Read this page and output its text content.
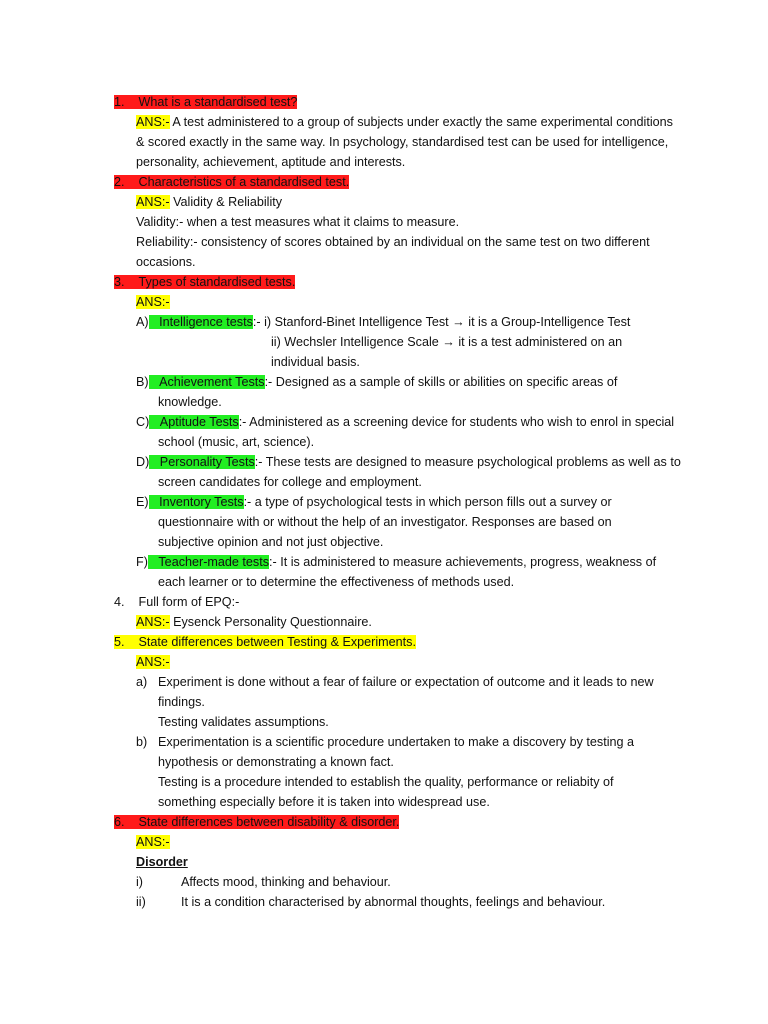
1. What is a standardised test?
ANS:- A test administered to a group of subjects under exactly the same experimental conditions
& scored exactly in the same way. In psychology, standardised test can be used for intelligence,
personality, achievement, aptitude and interests.
2. Characteristics of a standardised test.
ANS:- Validity & Reliability
Validity:- when a test measures what it claims to measure.
Reliability:- consistency of scores obtained by an individual on the same test on two different
occasions.
3. Types of standardised tests.
ANS:-
A) Intelligence tests:- i) Stanford-Binet Intelligence Test → it is a Group-Intelligence Test
ii) Wechsler Intelligence Scale → it is a test administered on an
individual basis.
B) Achievement Tests:- Designed as a sample of skills or abilities on specific areas of
knowledge.
C) Aptitude Tests:- Administered as a screening device for students who wish to enrol in special
school (music, art, science).
D) Personality Tests:- These tests are designed to measure psychological problems as well as to
screen candidates for college and employment.
E) Inventory Tests:- a type of psychological tests in which person fills out a survey or
questionnaire with or without the help of an investigator. Responses are based on
subjective opinion and not just objective.
F) Teacher-made tests:- It is administered to measure achievements, progress, weakness of
each learner or to determine the effectiveness of methods used.
4. Full form of EPQ:-
ANS:- Eysenck Personality Questionnaire.
5. State differences between Testing & Experiments.
ANS:-
a) Experiment is done without a fear of failure or expectation of outcome and it leads to new
findings.
Testing validates assumptions.
b) Experimentation is a scientific procedure undertaken to make a discovery by testing a
hypothesis or demonstrating a known fact.
Testing is a procedure intended to establish the quality, performance or reliabity of
something especially before it is taken into widespread use.
6. State differences between disability & disorder.
ANS:-
Disorder
i)	Affects mood, thinking and behaviour.
ii)	It is a condition characterised by abnormal thoughts, feelings and behaviour.
